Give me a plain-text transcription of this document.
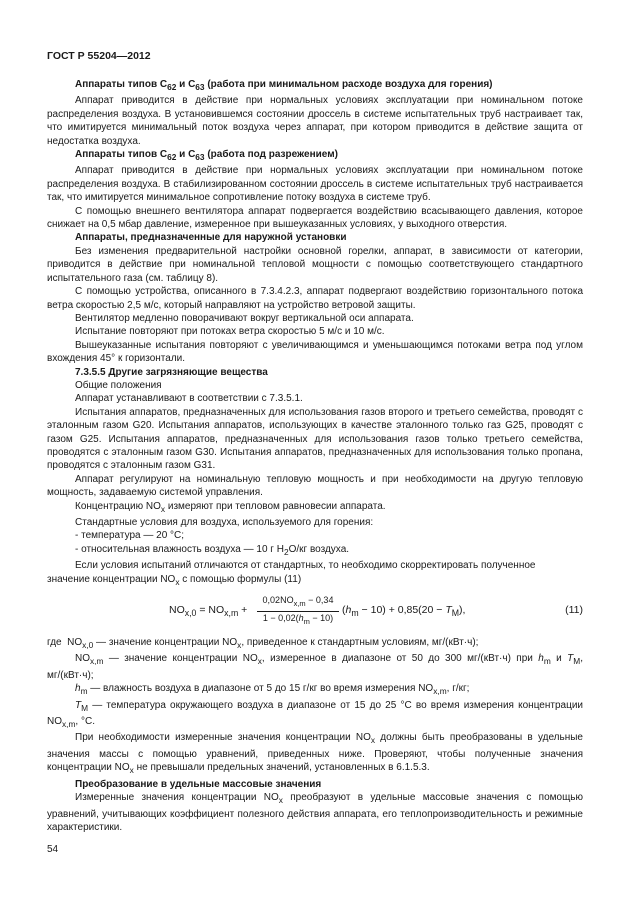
ГОСТ Р 55204—2012

Аппараты типов $C_{62}$ и $C_{63}$ (работа при минимальном расходе воздуха для горения)

Аппарат приводится в действие при нормальных условиях эксплуатации при номинальном потоке распределения воздуха. В установившемся состоянии дроссель в системе испытательных труб настраивает так, что имитируется минимальный поток воздуха через аппарат, при котором приводится в действие защита от недостатка воздуха.

Аппараты типов $C_{62}$ и $C_{63}$ (работа под разрежением)

Аппарат приводится в действие при нормальных условиях эксплуатации при номинальном потоке распределения воздуха. В стабилизированном состоянии дроссель в системе испытательных труб настраивается так, что имитируется минимальное сопротивление потоку воздуха в системе труб.

С помощью внешнего вентилятора аппарат подвергается воздействию всасывающего давления, которое снижает на 0,5 мбар давление, измеренное при вышеуказанных условиях, у выходного отверстия.

Аппараты, предназначенные для наружной установки

Без изменения предварительной настройки основной горелки, аппарат, в зависимости от категории, приводится в действие при номинальной тепловой мощности с помощью соответствующего стандартного испытательного газа (см. таблицу 8).

С помощью устройства, описанного в 7.3.4.2.3, аппарат подвергают воздействию горизонтального потока ветра скоростью 2,5 м/с, который направляют на устройство ветровой защиты.

Вентилятор медленно поворачивают вокруг вертикальной оси аппарата.

Испытание повторяют при потоках ветра скоростью 5 м/с и 10 м/с.

Вышеуказанные испытания повторяют с увеличивающимся и уменьшающимся потоками ветра под углом вхождения 45° к горизонтали.

7.3.5.5 Другие загрязняющие вещества

Общие положения

Аппарат устанавливают в соответствии с 7.3.5.1.

Испытания аппаратов, предназначенных для использования газов второго и третьего семейства, проводят с эталонным газом G20. Испытания аппаратов, использующих в качестве эталонного только газ G25, проводят с газом G25. Испытания аппаратов, предназначенных для использования газов только третьего семейства, проводятся с эталонным газом G30. Испытания аппаратов, предназначенных для использования только пропана, проводятся с эталонным газом G31.

Аппарат регулируют на номинальную тепловую мощность и при необходимости на другую тепловую мощность, задаваемую системой управления.

Концентрацию $NO_x$ измеряют при тепловом равновесии аппарата.

Стандартные условия для воздуха, используемого для горения:

- температура — 20 °С;

- относительная влажность воздуха — 10 г $H_2O/кг$ воздуха.

Если условия испытаний отличаются от стандартных, то необходимо скорректировать полученное

значение концентрации $NO_x$ с помощью формулы (11)

$NO_{x,0} = NO_{x,m}$ +
$0,02NO_{x,m} - 0,34$
$1 - 0,02(h_m - 10)$
$(h_m - 10) + 0,85(20 - T_M)$,	(11)

где  $NO_{x,0}$ — значение концентрации $NO_x$, приведенное к стандартным условиям, мг/(кВт·ч);

$NO_{x,m}$ — значение концентрации $NO_x$, измеренное в диапазоне от 50 до 300 мг/(кВт·ч) при $h_m$ и $T_M$, мг/(кВт·ч);

$h_m$ — влажность воздуха в диапазоне от 5 до 15 г/кг во время измерения $NO_{x,m}$, г/кг;

$T_M$ — температура окружающего воздуха в диапазоне от 15 до 25 °С во время измерения концентрации $NO_{x,m}$, °С.

При необходимости измеренные значения концентрации $NO_x$ должны быть преобразованы в удельные значения массы с помощью уравнений, приведенных ниже. Проверяют, чтобы полученные значения концентрации $NO_x$ не превышали предельных значений, установленных в 6.1.5.3.

Преобразование в удельные массовые значения

Измеренные значения концентрации $NO_x$ преобразуют в удельные массовые значения с помощью уравнений, учитывающих коэффициент полезного действия аппарата, его теплопроизводительность и режимные характеристики.

54
